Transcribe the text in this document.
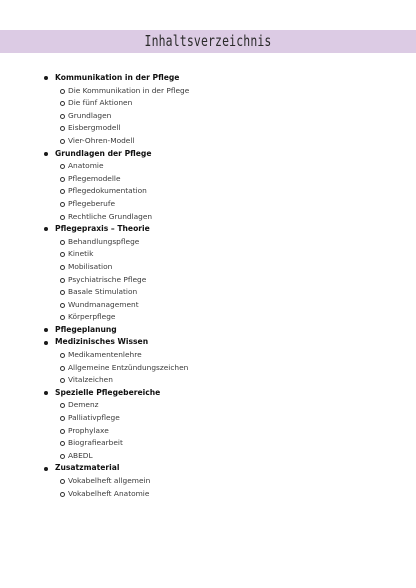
Inhaltsverzeichnis
Kommunikation in der Pflege
Die Kommunikation in der Pflege
Die fünf Aktionen
Grundlagen
Eisbergmodell
Vier-Ohren-Modell
Grundlagen der Pflege
Anatomie
Pflegemodelle
Pflegedokumentation
Pflegeberufe
Rechtliche Grundlagen
Pflegepraxis – Theorie
Behandlungspflege
Kinetik
Mobilisation
Psychiatrische Pflege
Basale Stimulation
Wundmanagement
Körperpflege
Pflegeplanung
Medizinisches Wissen
Medikamentenlehre
Allgemeine Entzündungszeichen
Vitalzeichen
Spezielle Pflegebereiche
Demenz
Palliativpflege
Prophylaxe
Biografiearbeit
ABEDL
Zusatzmaterial
Vokabelheft allgemein
Vokabelheft Anatomie
